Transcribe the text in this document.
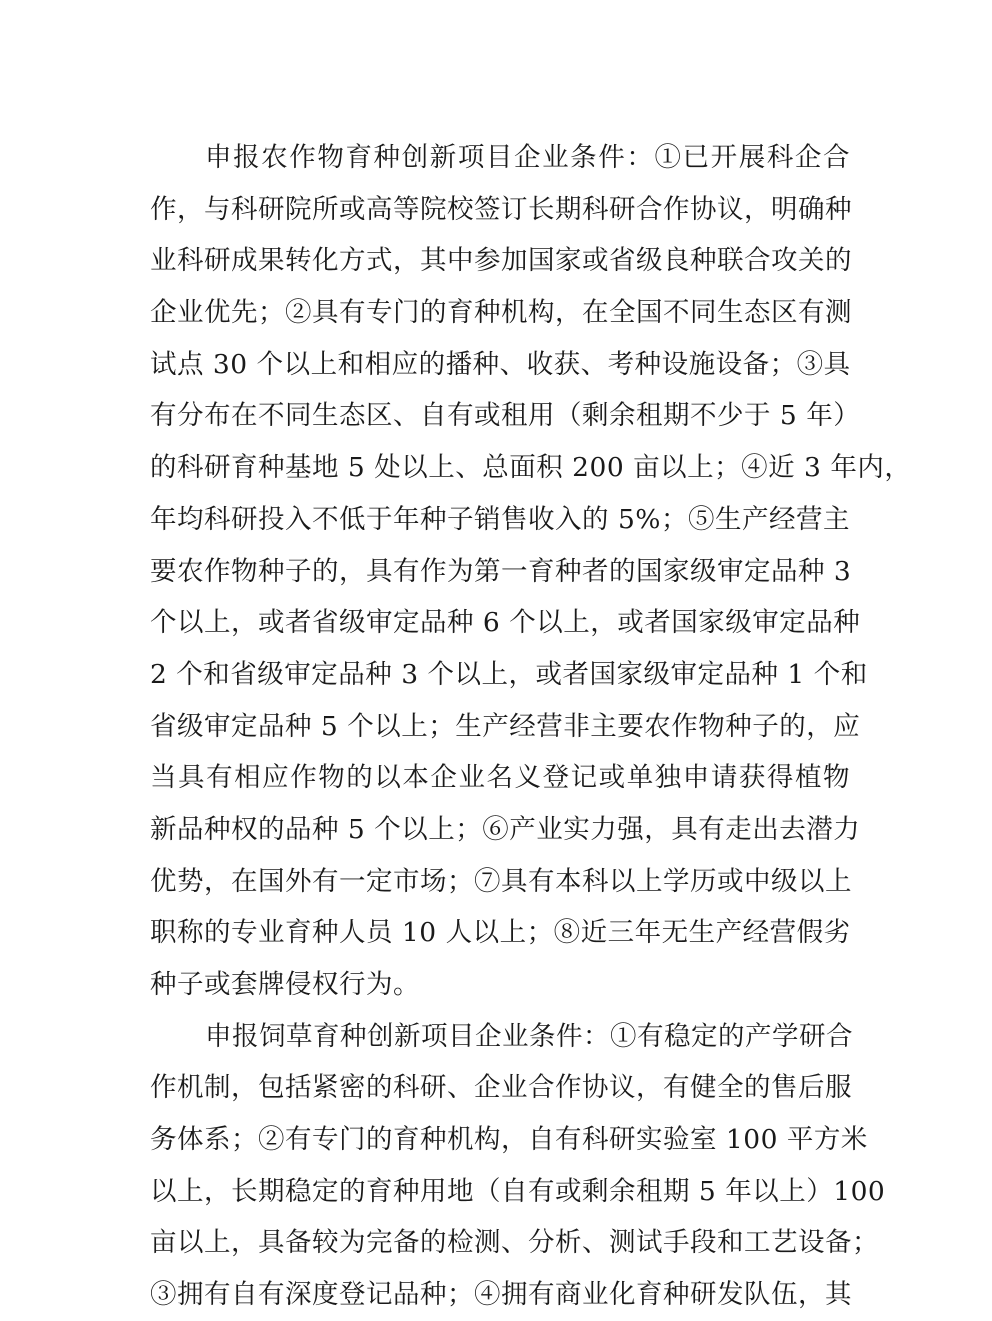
申报农作物育种创新项目企业条件：①已开展科企合
作，与科研院所或高等院校签订长期科研合作协议，明确种
业科研成果转化方式，其中参加国家或省级良种联合攻关的
企业优先；②具有专门的育种机构，在全国不同生态区有测
试点 30 个以上和相应的播种、收获、考种设施设备；③具
有分布在不同生态区、自有或租用（剩余租期不少于 5 年）
的科研育种基地 5 处以上、总面积 200 亩以上；④近 3 年内，
年均科研投入不低于年种子销售收入的 5%；⑤生产经营主
要农作物种子的，具有作为第一育种者的国家级审定品种 3
个以上，或者省级审定品种 6 个以上，或者国家级审定品种
2 个和省级审定品种 3 个以上，或者国家级审定品种 1 个和
省级审定品种 5 个以上；生产经营非主要农作物种子的，应
当具有相应作物的以本企业名义登记或单独申请获得植物
新品种权的品种 5 个以上；⑥产业实力强，具有走出去潜力
优势，在国外有一定市场；⑦具有本科以上学历或中级以上
职称的专业育种人员 10 人以上；⑧近三年无生产经营假劣
种子或套牌侵权行为。
申报饲草育种创新项目企业条件：①有稳定的产学研合
作机制，包括紧密的科研、企业合作协议，有健全的售后服
务体系；②有专门的育种机构，自有科研实验室 100 平方米
以上，长期稳定的育种用地（自有或剩余租期 5 年以上）100
亩以上，具备较为完备的检测、分析、测试手段和工艺设备；
③拥有自有深度登记品种；④拥有商业化育种研发队伍，其
